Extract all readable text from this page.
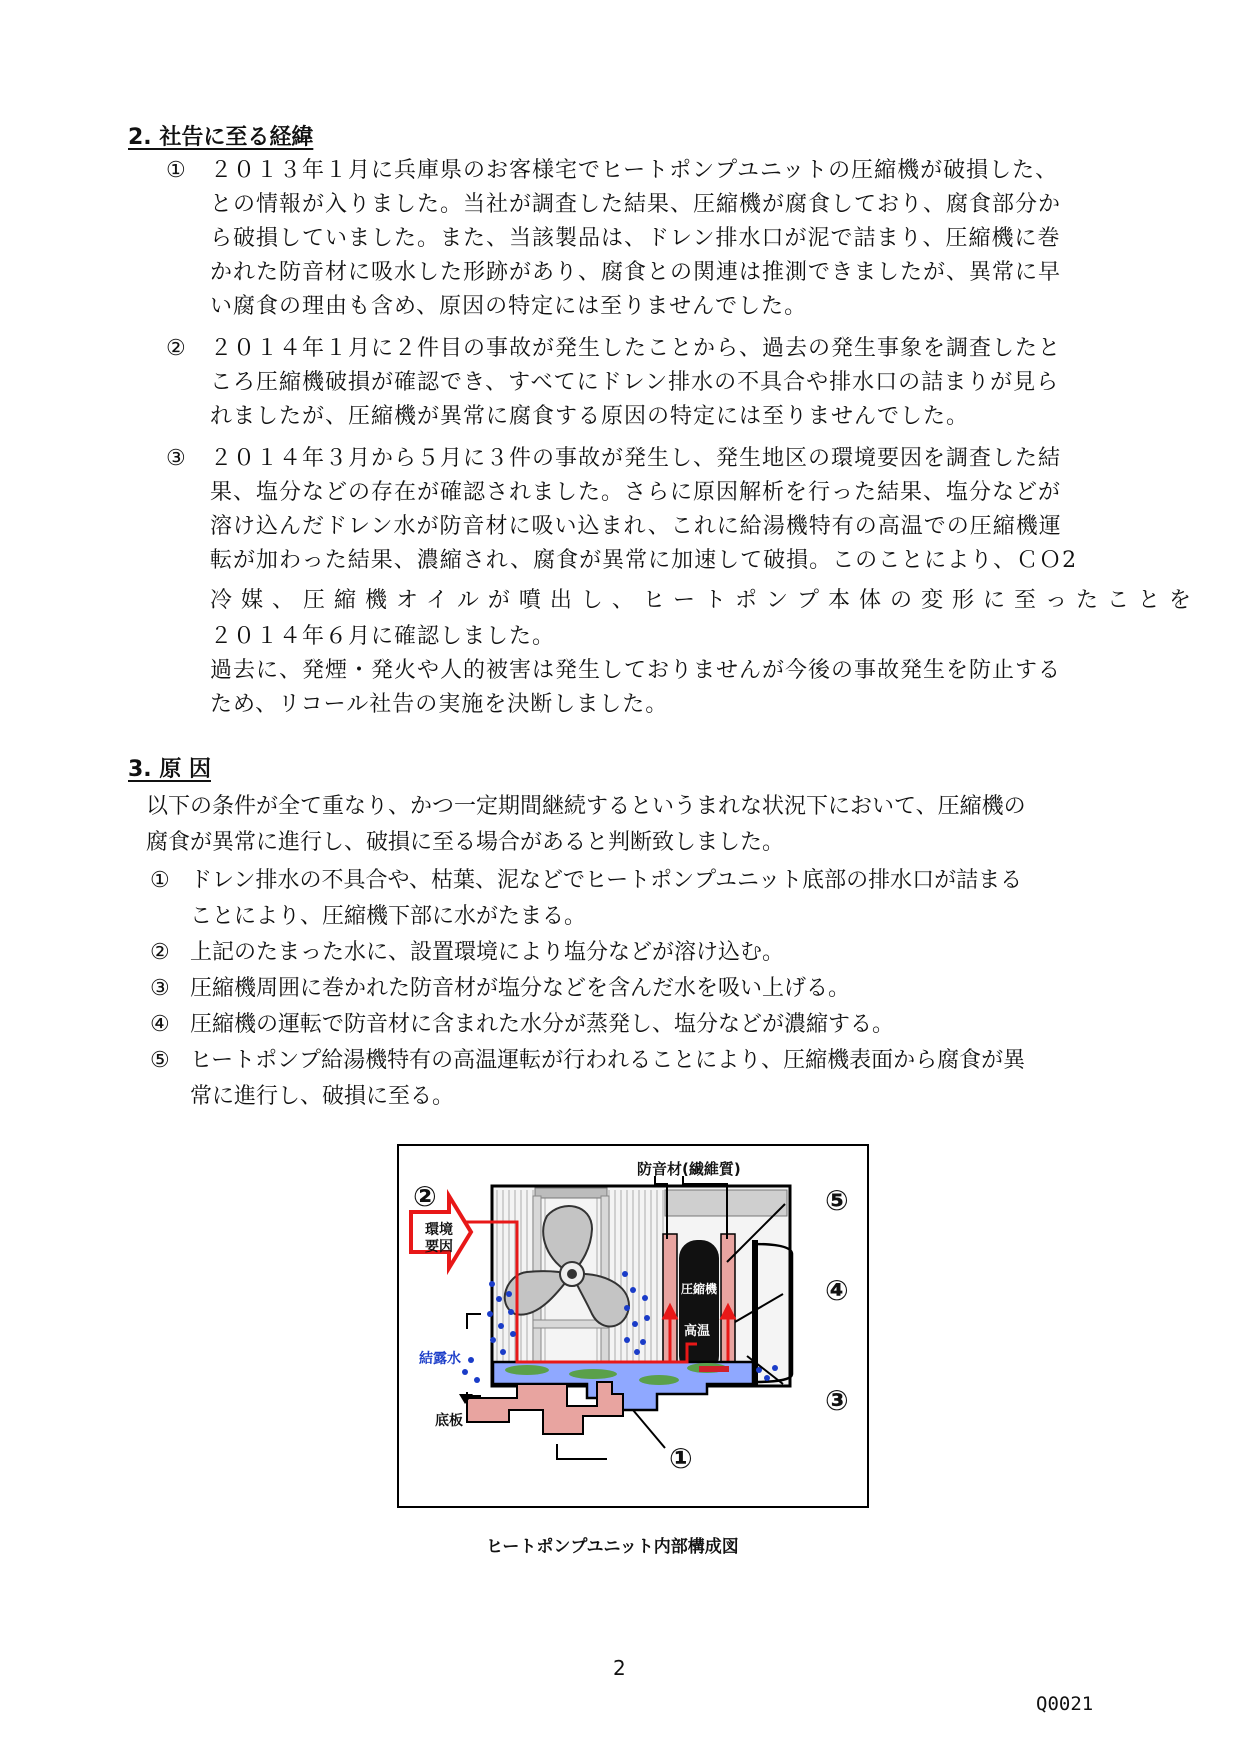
2. 社告に至る経緯
① ２０１３年１月に兵庫県のお客様宅でヒートポンプユニットの圧縮機が破損した、
との情報が入りました。当社が調査した結果、圧縮機が腐食しており、腐食部分か
ら破損していました。また、当該製品は、ドレン排水口が泥で詰まり、圧縮機に巻
かれた防音材に吸水した形跡があり、腐食との関連は推測できましたが、異常に早
い腐食の理由も含め、原因の特定には至りませんでした。
② ２０１４年１月に２件目の事故が発生したことから、過去の発生事象を調査したと
ころ圧縮機破損が確認でき、すべてにドレン排水の不具合や排水口の詰まりが見ら
れましたが、圧縮機が異常に腐食する原因の特定には至りませんでした。
③ ２０１４年３月から５月に３件の事故が発生し、発生地区の環境要因を調査した結
果、塩分などの存在が確認されました。さらに原因解析を行った結果、塩分などが
溶け込んだドレン水が防音材に吸い込まれ、これに給湯機特有の高温での圧縮機運
転が加わった結果、濃縮され、腐食が異常に加速して破損。このことにより、ＣＯ2
冷媒、圧縮機オイルが噴出し、ヒートポンプ本体の変形に至ったことを
２０１４年６月に確認しました。
過去に、発煙・発火や人的被害は発生しておりませんが今後の事故発生を防止する
ため、リコール社告の実施を決断しました。
3. 原 因
以下の条件が全て重なり、かつ一定期間継続するというまれな状況下において、圧縮機の
腐食が異常に進行し、破損に至る場合があると判断致しました。
① ドレン排水の不具合や、枯葉、泥などでヒートポンプユニット底部の排水口が詰まる
ことにより、圧縮機下部に水がたまる。
② 上記のたまった水に、設置環境により塩分などが溶け込む。
③ 圧縮機周囲に巻かれた防音材が塩分などを含んだ水を吸い上げる。
④ 圧縮機の運転で防音材に含まれた水分が蒸発し、塩分などが濃縮する。
⑤ ヒートポンプ給湯機特有の高温運転が行われることにより、圧縮機表面から腐食が異
常に進行し、破損に至る。
防音材(繊維質)
環境
要因
圧縮機
高温
結露水
底板
②	⑤
④
③
①
ヒートポンプユニット内部構成図
2
Q0021
